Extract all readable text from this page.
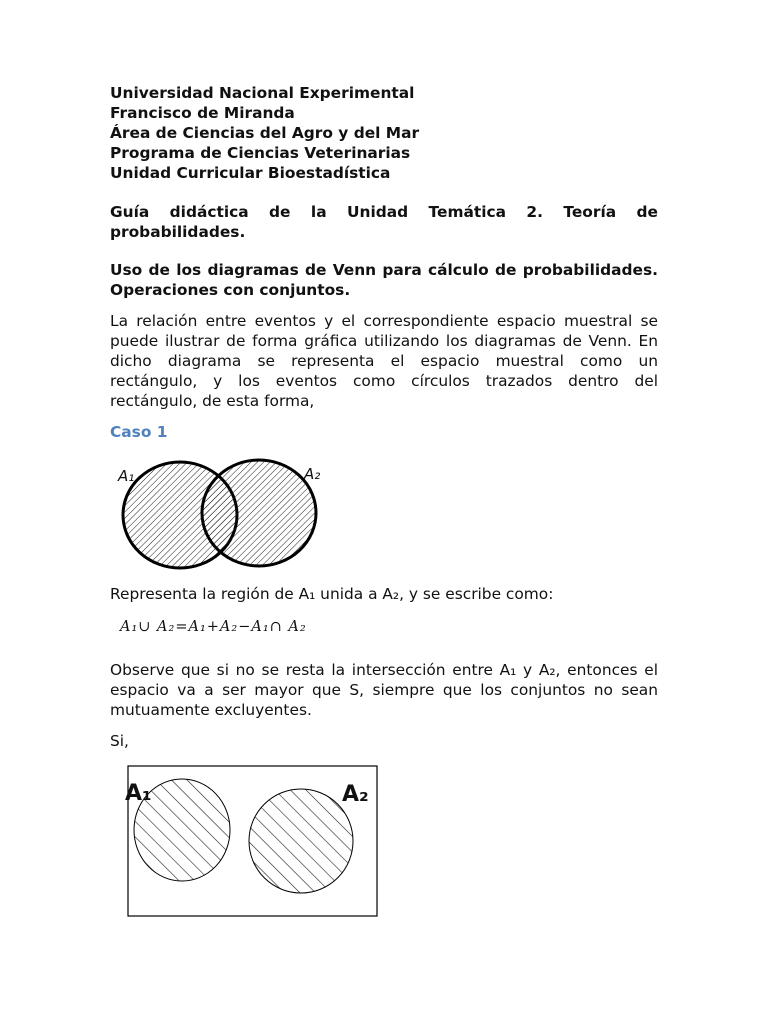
Universidad Nacional Experimental
Francisco de Miranda
Área de Ciencias del Agro y del Mar
Programa de Ciencias Veterinarias
Unidad Curricular Bioestadística
Guía didáctica de la Unidad Temática 2. Teoría de
probabilidades.
Uso de los diagramas de Venn para cálculo de probabilidades.
Operaciones con conjuntos.
La relación entre eventos y el correspondiente espacio muestral se
puede ilustrar de forma gráfica utilizando los diagramas de Venn. En
dicho diagrama se representa el espacio muestral como un
rectángulo, y los eventos como círculos trazados dentro del
rectángulo, de esta forma,
Caso 1
A₁	A₂
Representa la región de A₁ unida a A₂, y se escribe como:
A₁∪ A₂=A₁+A₂−A₁∩ A₂
Observe que si no se resta la intersección entre A₁ y A₂, entonces el
espacio va a ser mayor que S, siempre que los conjuntos no sean
mutuamente excluyentes.
Si,
A₁	A₂
